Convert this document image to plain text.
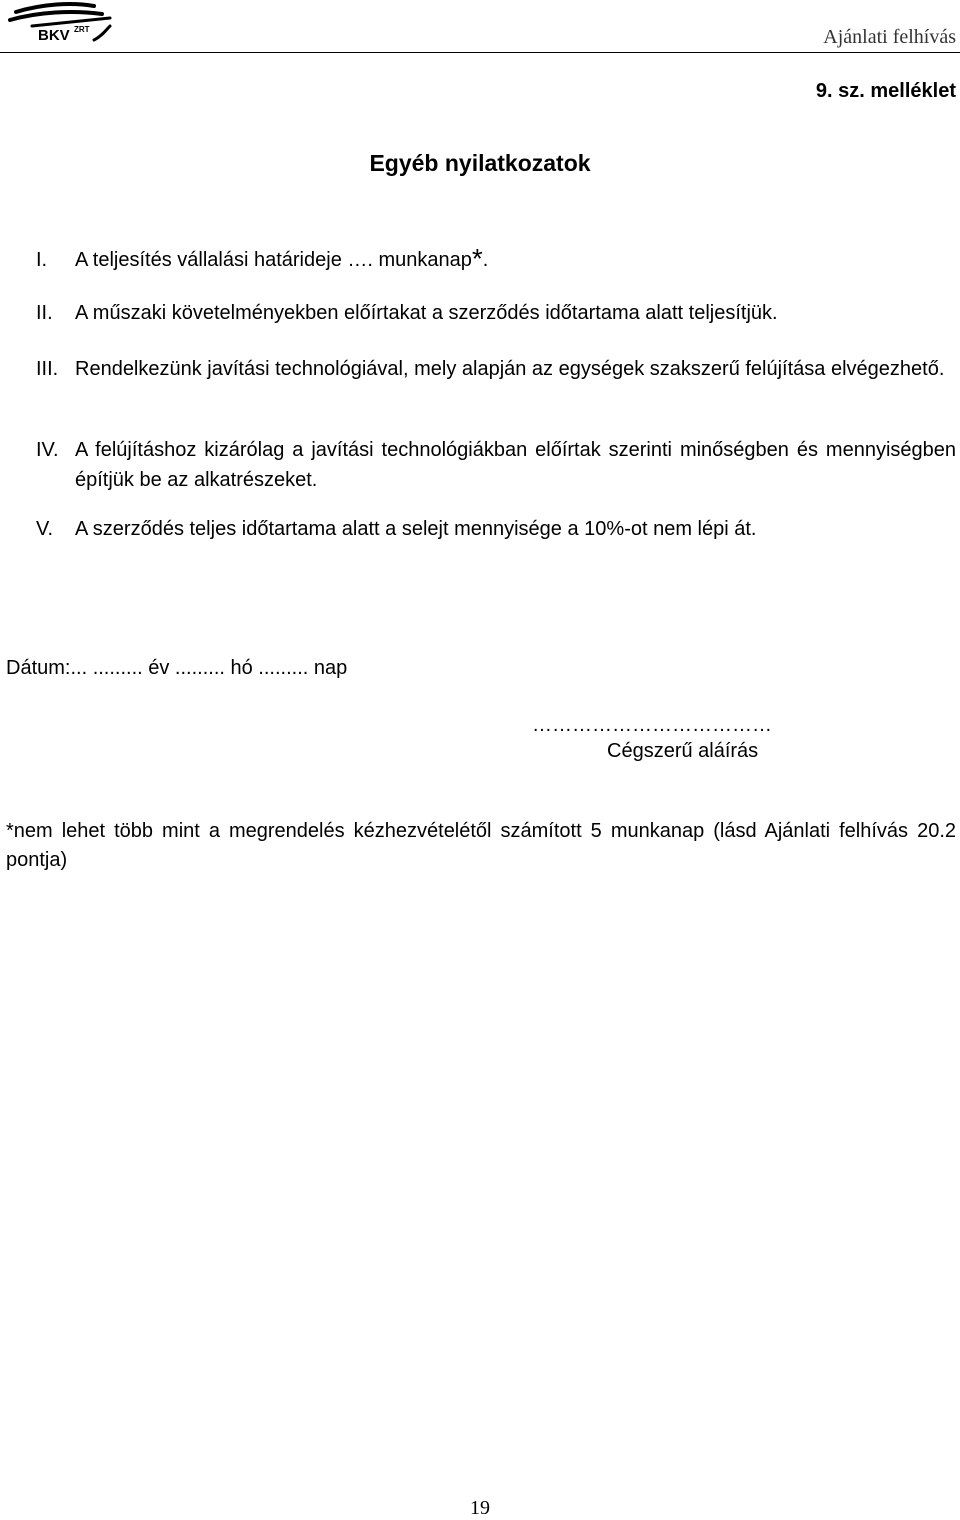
BKV ZRT	Ajánlati felhívás
9. sz. melléklet
Egyéb nyilatkozatok
I.	A teljesítés vállalási határideje …. munkanap*.
II.	A műszaki követelményekben előírtakat a szerződés időtartama alatt teljesítjük.
III. Rendelkezünk javítási technológiával, mely alapján az egységek szakszerű felújítása elvégezhető.
IV. A felújításhoz kizárólag a javítási technológiákban előírtak szerinti minőségben és mennyiségben építjük be az alkatrészeket.
V.	A szerződés teljes időtartama alatt a selejt mennyisége a 10%-ot nem lépi át.
Dátum:... ......... év ......... hó ......... nap
………………………………
Cégszerű aláírás
*nem lehet több mint a megrendelés kézhezvételétől számított 5 munkanap (lásd Ajánlati felhívás 20.2 pontja)
19
